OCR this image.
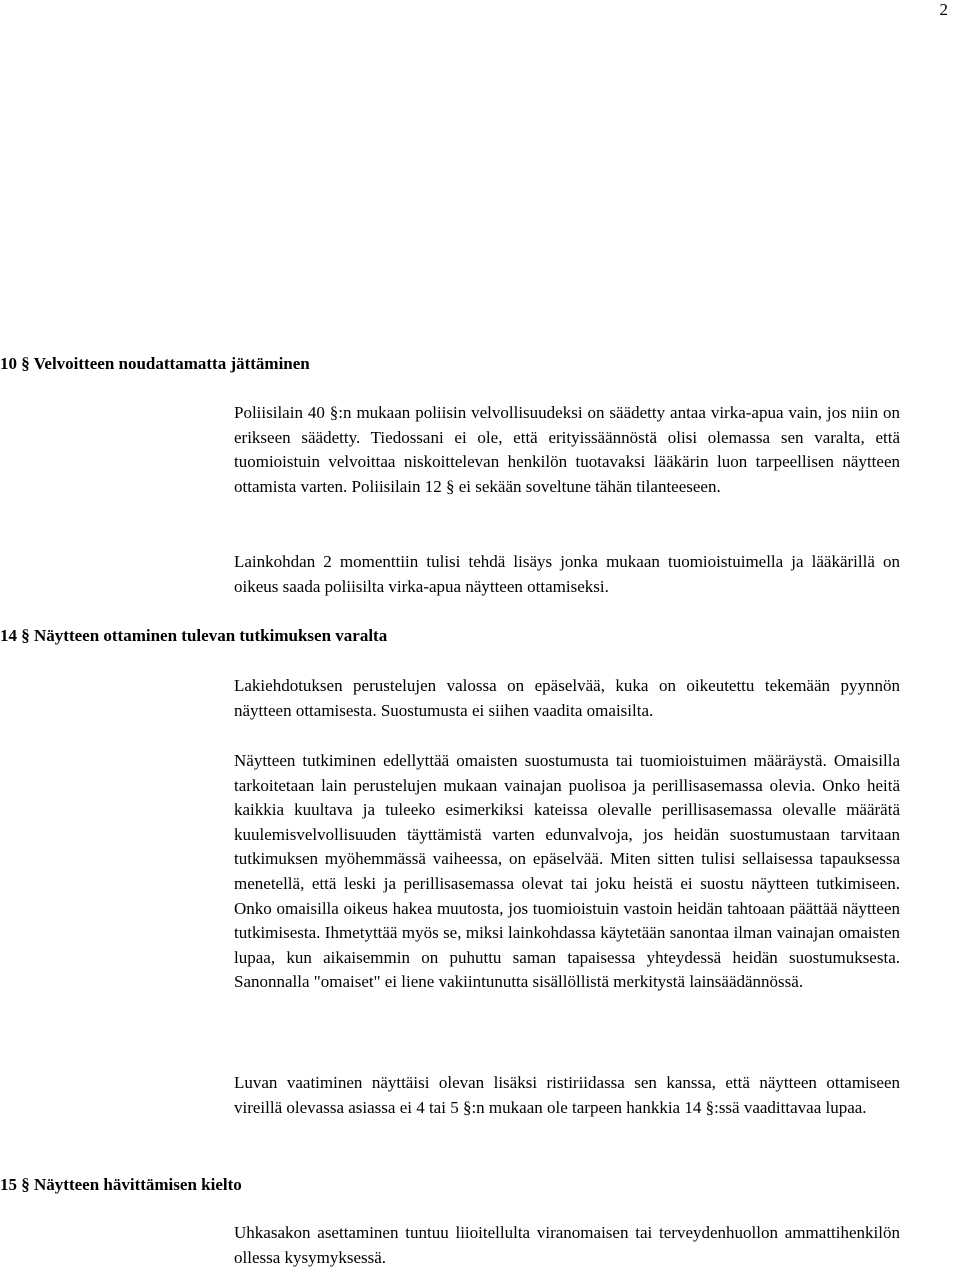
2
10 § Velvoitteen noudattamatta jättäminen

Poliisilain 40 §:n mukaan poliisin velvollisuudeksi on säädetty antaa virka-apua vain, jos niin on erikseen säädetty. Tiedossani ei ole, että erityissäännöstä olisi olemassa sen varalta, että tuomioistuin velvoittaa niskoittelevan henkilön tuotavaksi lääkärin luon tarpeellisen näytteen ottamista varten. Poliisilain 12 § ei sekään soveltune tähän tilanteeseen.

Lainkohdan 2 momenttiin tulisi tehdä lisäys jonka mukaan tuomioistuimella ja lääkärillä on oikeus saada poliisilta virka-apua näytteen ottamiseksi.

14 § Näytteen ottaminen tulevan tutkimuksen varalta

Lakiehdotuksen perustelujen valossa on epäselvää, kuka on oikeutettu tekemään pyynnön näytteen ottamisesta. Suostumusta ei siihen vaadita omaisilta.

Näytteen tutkiminen edellyttää omaisten suostumusta tai tuomioistuimen määräystä. Omaisilla tarkoitetaan lain perustelujen mukaan vainajan puolisoa ja perillisasemassa olevia. Onko heitä kaikkia kuultava ja tuleeko esimerkiksi kateissa olevalle perillisasemassa olevalle määrätä kuulemisvelvollisuuden täyttämistä varten edunvalvoja, jos heidän suostumustaan tarvitaan tutkimuksen myöhemmässä vaiheessa, on epäselvää. Miten sitten tulisi sellaisessa tapauksessa menetellä, että leski ja perillisasemassa olevat tai joku heistä ei suostu näytteen tutkimiseen. Onko omaisilla oikeus hakea muutosta, jos tuomioistuin vastoin heidän tahtoaan päättää näytteen tutkimisesta. Ihmetyttää myös se, miksi lainkohdassa käytetään sanontaa ilman vainajan omaisten lupaa, kun aikaisemmin on puhuttu saman tapaisessa yhteydessä heidän suostumuksesta. Sanonnalla "omaiset" ei liene vakiintunutta sisällöllistä merkitystä lainsäädännössä.

Luvan vaatiminen näyttäisi olevan lisäksi ristiriidassa sen kanssa, että näytteen ottamiseen vireillä olevassa asiassa ei 4 tai 5 §:n mukaan ole tarpeen hankkia 14 §:ssä vaadittavaa lupaa.

15 § Näytteen hävittämisen kielto

Uhkasakon asettaminen tuntuu liioitellulta viranomaisen tai terveydenhuollon ammattihenkilön ollessa kysymyksessä.
